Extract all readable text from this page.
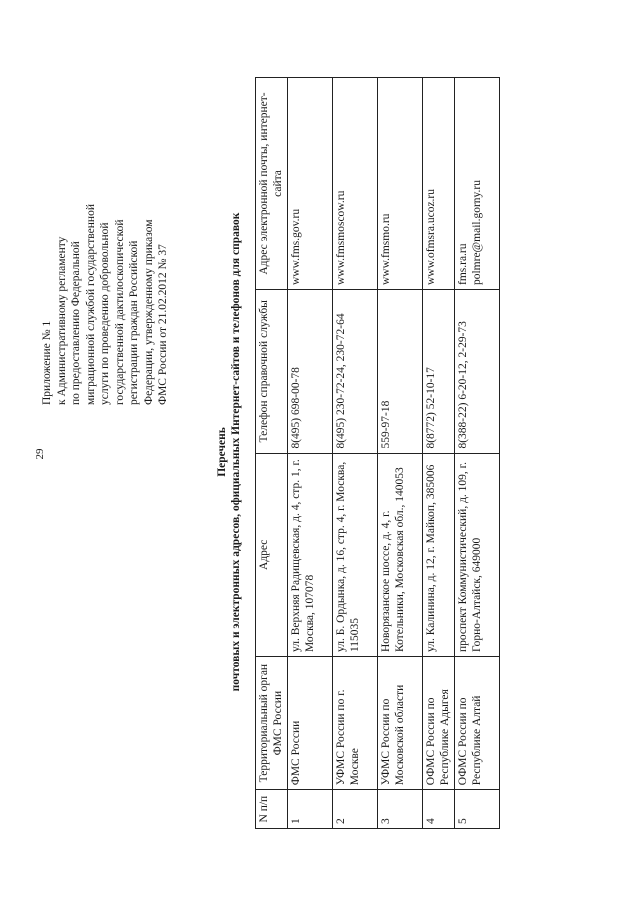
29
Приложение № 1 к Административному регламенту по предоставлению Федеральной миграционной службой государственной услуги по проведению добровольной государственной дактилоскопической регистрации граждан Российской Федерации, утвержденному приказом ФМС России от 21.02.2012 № 37
Перечень почтовых и электронных адресов, официальных Интернет-сайтов и телефонов для справок
N п/п	Территориальный орган ФМС России	Адрес	Телефон справочной службы	Адрес электронной почты, интернет-сайта
1	ФМС России	ул. Верхняя Радищевская, д. 4, стр. 1, г. Москва, 107078	8(495) 698-00-78	www.fms.gov.ru
2	УФМС России по г. Москве	ул. Б. Ордынка, д. 16, стр. 4, г. Москва, 115035	8(495) 230-72-24, 230-72-64	www.fmsmoscow.ru
3	УФМС России по Московской области	Новорязанское шоссе, д. 4, г. Котельники, Московская обл., 140053	559-97-18	www.fmsmo.ru
4	ОФМС России по Республике Адыгея	ул. Калинина, д. 12, г. Майкоп, 385006	8(8772) 52-10-17	www.ofmsra.ucoz.ru
5	ОФМС России по Республике Алтай	проспект Коммунистический, д. 109, г. Горно-Алтайск, 649000	8(388-22) 6-20-12, 2-29-73	fms.ra.ru polmre@mail.gorny.ru
